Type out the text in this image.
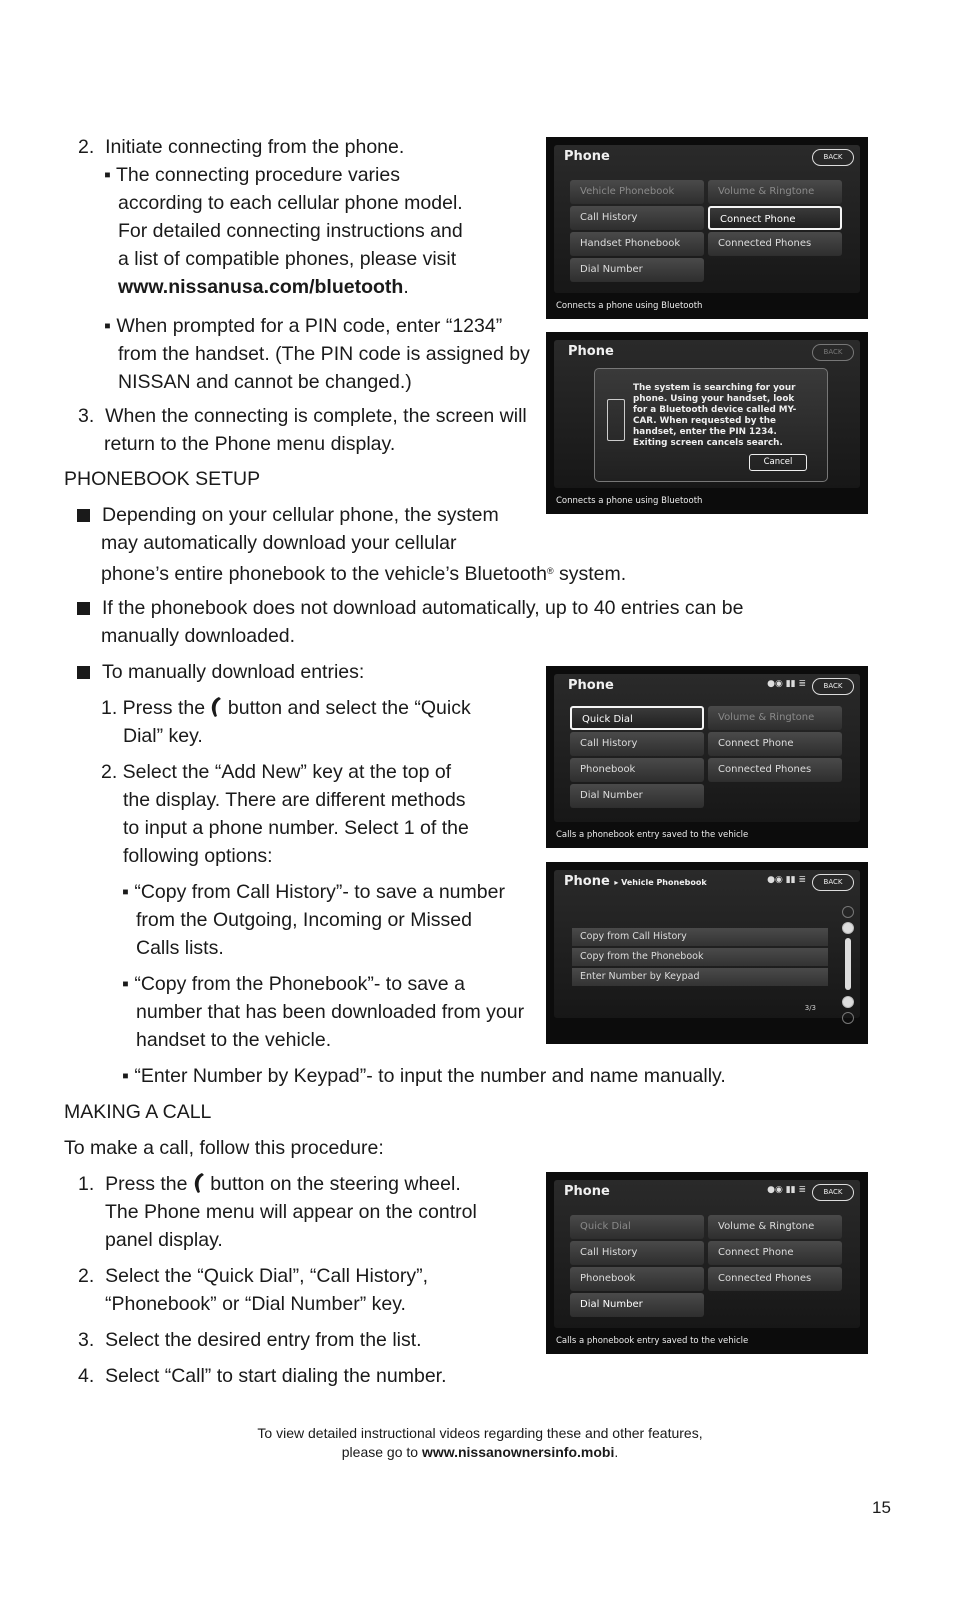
2.  Initiate connecting from the phone.
▪ The connecting procedure varies
according to each cellular phone model.
For detailed connecting instructions and
a list of compatible phones, please visit
www.nissanusa.com/bluetooth.
▪ When prompted for a PIN code, enter “1234”
from the handset. (The PIN code is assigned by
NISSAN and cannot be changed.)
3.  When the connecting is complete, the screen will
return to the Phone menu display.
PHONEBOOK SETUP
Depending on your cellular phone, the system
may automatically download your cellular
phone’s entire phonebook to the vehicle’s Bluetooth® system.
If the phonebook does not download automatically, up to 40 entries can be
manually downloaded.
To manually download entries:
1. Press the  button and select the “Quick
Dial” key.
2. Select the “Add New” key at the top of
the display. There are different methods
to input a phone number. Select 1 of the
following options:
▪ “Copy from Call History”- to save a number
from the Outgoing, Incoming or Missed
Calls lists.
▪ “Copy from the Phonebook”- to save a
number that has been downloaded from your
handset to the vehicle.
▪ “Enter Number by Keypad”- to input the number and name manually.
MAKING A CALL
To make a call, follow this procedure:
1.  Press the  button on the steering wheel.
The Phone menu will appear on the control
panel display.
2.  Select the “Quick Dial”, “Call History”,
“Phonebook” or “Dial Number” key.
3.  Select the desired entry from the list.
4.  Select “Call” to start dialing the number.
To view detailed instructional videos regarding these and other features,
please go to www.nissanownersinfo.mobi.
15
Phone	BACK
Vehicle Phonebook
Call History
Handset Phonebook
Dial Number
Volume & Ringtone
Connect Phone
Connected Phones
Connects a phone using Bluetooth
Phone	BACK
The system is searching for your
phone. Using your handset, look
for a Bluetooth device called MY-
CAR. When requested by the
handset, enter the PIN 1234.
Exiting screen cancels search.
Cancel
Connects a phone using Bluetooth
Phone	●◉ ▮▮ ≣	BACK
Quick Dial
Call History
Phonebook
Dial Number
Volume & Ringtone
Connect Phone
Connected Phones
Calls a phonebook entry saved to the vehicle
Phone ▸ Vehicle Phonebook	●◉ ▮▮ ≣	BACK
Copy from Call History
Copy from the Phonebook
Enter Number by Keypad
3/3
Phone	●◉ ▮▮ ≣	BACK
Quick Dial
Call History
Phonebook
Dial Number
Volume & Ringtone
Connect Phone
Connected Phones
Calls a phonebook entry saved to the vehicle
